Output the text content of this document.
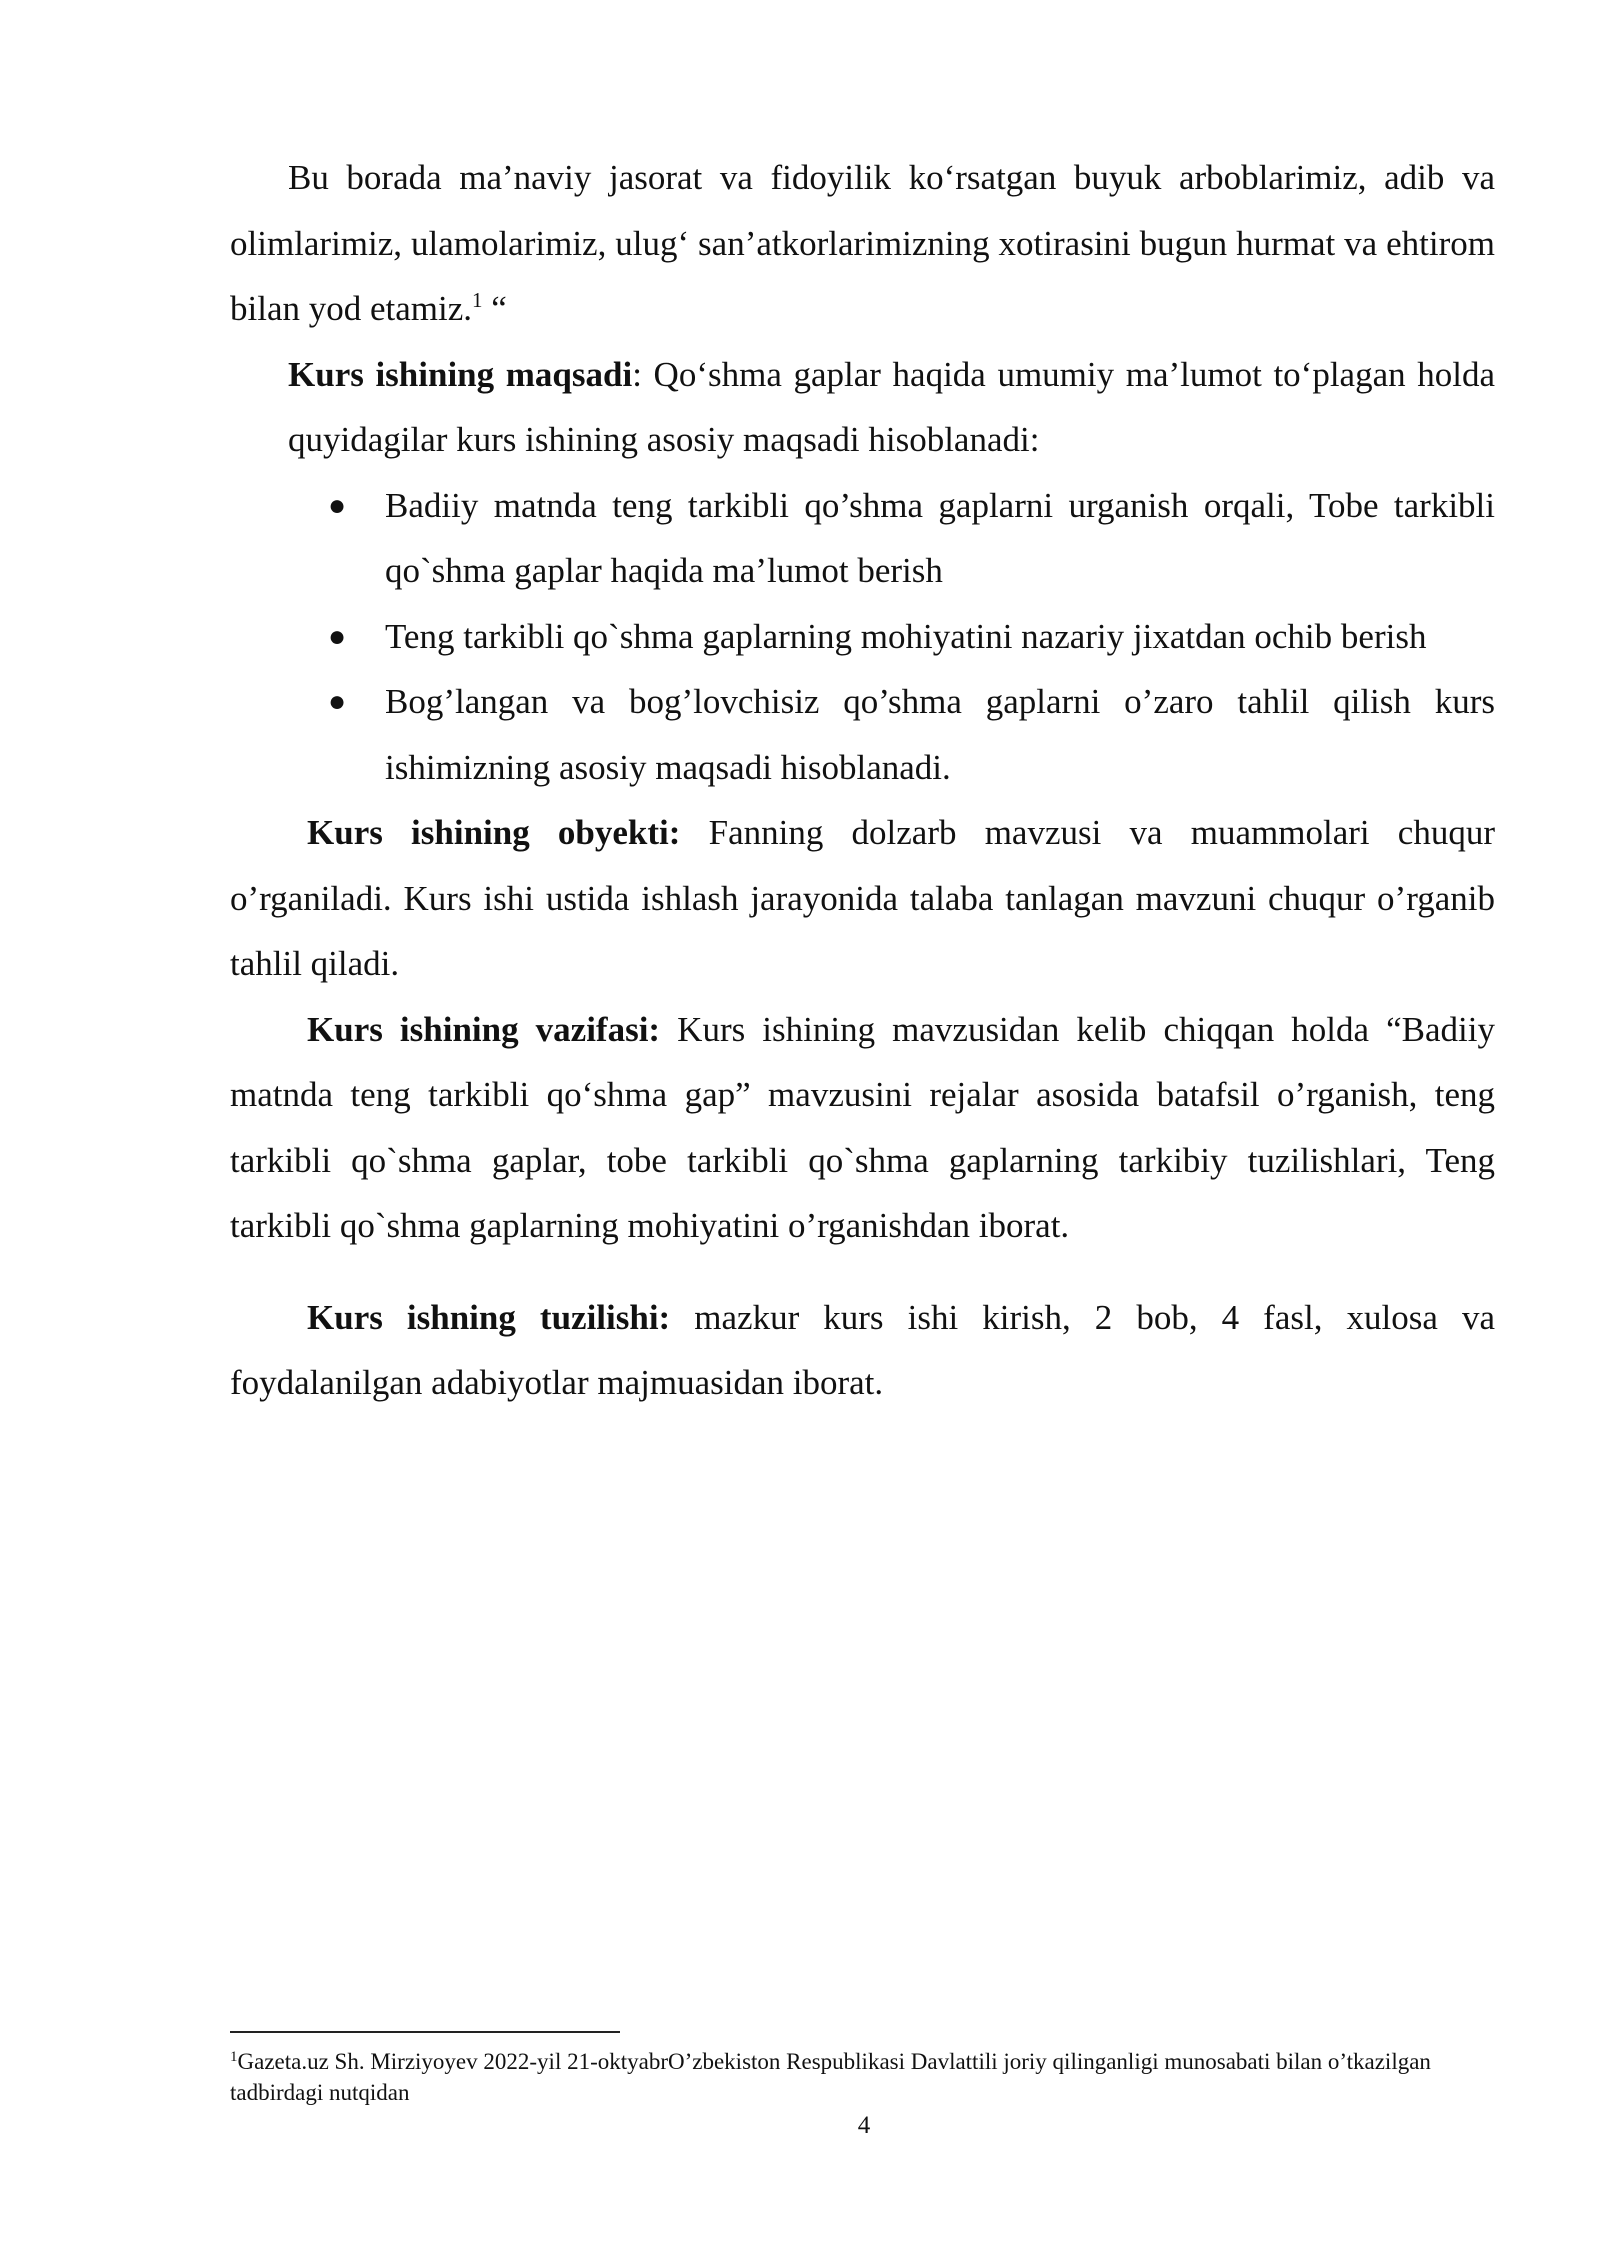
Bu borada ma’naviy jasorat va fidoyilik ko‘rsatgan buyuk arboblarimiz, adib va olimlarimiz, ulamolarimiz, ulug‘ san’atkorlarimizning xotirasini bugun hurmat va ehtirom bilan yod etamiz.$^1$ “

Kurs ishining maqsadi: Qo‘shma gaplar haqida umumiy ma’lumot to‘plagan holda quyidagilar kurs ishining asosiy maqsadi hisoblanadi:

● Badiiy matnda teng tarkibli qo’shma gaplarni urganish orqali, Tobe tarkibli qo`shma gaplar haqida ma’lumot berish
● Teng tarkibli qo`shma gaplarning mohiyatini nazariy jixatdan ochib berish
● Bog’langan va bog’lovchisiz qo’shma gaplarni o’zaro tahlil qilish kurs ishimizning asosiy maqsadi hisoblanadi.

Kurs ishining obyekti: Fanning dolzarb mavzusi va muammolari chuqur o’rganiladi. Kurs ishi ustida ishlash jarayonida talaba tanlagan mavzuni chuqur o’rganib tahlil qiladi.

Kurs ishining vazifasi: Kurs ishining mavzusidan kelib chiqqan holda “Badiiy matnda teng tarkibli qo‘shma gap” mavzusini rejalar asosida batafsil o’rganish, teng tarkibli qo`shma gaplar, tobe tarkibli qo`shma gaplarning tarkibiy tuzilishlari, Teng tarkibli qo`shma gaplarning mohiyatini o’rganishdan iborat.

Kurs ishning tuzilishi: mazkur kurs ishi kirish, 2 bob, 4 fasl, xulosa va foydalanilgan adabiyotlar majmuasidan iborat.

$^1$Gazeta.uz Sh. Mirziyoyev 2022-yil 21-oktyabrO’zbekiston Respublikasi Davlattili joriy qilinganligi munosabati bilan o’tkazilgan tadbirdagi nutqidan
4
